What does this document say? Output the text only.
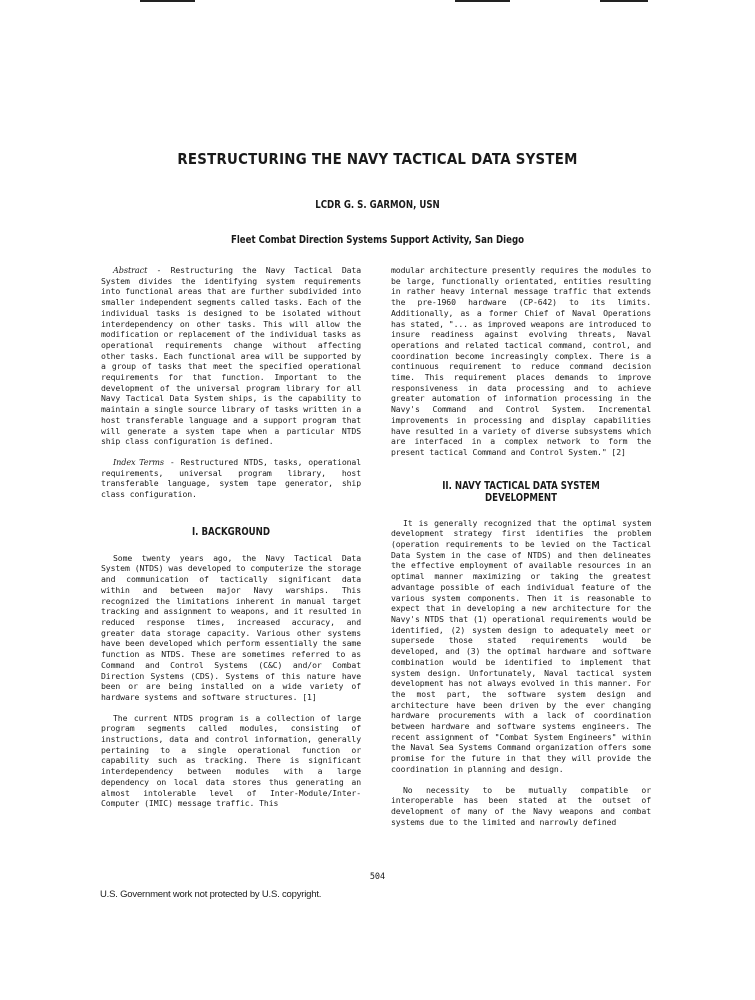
RESTRUCTURING THE NAVY TACTICAL DATA SYSTEM
LCDR G. S. GARMON, USN
Fleet Combat Direction Systems Support Activity, San Diego

Abstract - Restructuring the Navy Tactical Data System divides the identifying system requirements into functional areas that are further subdivided into smaller independent segments called tasks. Each of the individual tasks is designed to be isolated without interdependency on other tasks. This will allow the modification or replacement of the individual tasks as operational requirements change without affecting other tasks. Each functional area will be supported by a group of tasks that meet the specified operational requirements for that function. Important to the development of the universal program library for all Navy Tactical Data System ships, is the capability to maintain a single source library of tasks written in a host transferable language and a support program that will generate a system tape when a particular NTDS ship class configuration is defined.

Index Terms - Restructured NTDS, tasks, operational requirements, universal program library, host transferable language, system tape generator, ship class configuration.

I. BACKGROUND

Some twenty years ago, the Navy Tactical Data System (NTDS) was developed to computerize the storage and communication of tactically significant data within and between major Navy warships. This recognized the limitations inherent in manual target tracking and assignment to weapons, and it resulted in reduced response times, increased accuracy, and greater data storage capacity. Various other systems have been developed which perform essentially the same function as NTDS. These are sometimes referred to as Command and Control Systems (C&C) and/or Combat Direction Systems (CDS). Systems of this nature have been or are being installed on a wide variety of hardware systems and software structures. [1]

The current NTDS program is a collection of large program segments called modules, consisting of instructions, data and control information, generally pertaining to a single operational function or capability such as tracking. There is significant interdependency between modules with a large dependency on local data stores thus generating an almost intolerable level of Inter-Module/Inter-Computer (IMIC) message traffic. This

modular architecture presently requires the modules to be large, functionally orientated, entities resulting in rather heavy internal message traffic that extends the pre-1960 hardware (CP-642) to its limits. Additionally, as a former Chief of Naval Operations has stated, "... as improved weapons are introduced to insure readiness against evolving threats, Naval operations and related tactical command, control, and coordination become increasingly complex. There is a continuous requirement to reduce command decision time. This requirement places demands to improve responsiveness in data processing and to achieve greater automation of information processing in the Navy's Command and Control System. Incremental improvements in processing and display capabilities have resulted in a variety of diverse subsystems which are interfaced in a complex network to form the present tactical Command and Control System." [2]

II. NAVY TACTICAL DATA SYSTEM DEVELOPMENT

It is generally recognized that the optimal system development strategy first identifies the problem (operation requirements to be levied on the Tactical Data System in the case of NTDS) and then delineates the effective employment of available resources in an optimal manner maximizing or taking the greatest advantage possible of each individual feature of the various system components. Then it is reasonable to expect that in developing a new architecture for the Navy's NTDS that (1) operational requirements would be identified, (2) system design to adequately meet or supersede those stated requirements would be developed, and (3) the optimal hardware and software combination would be identified to implement that system design. Unfortunately, Naval tactical system development has not always evolved in this manner. For the most part, the software system design and architecture have been driven by the ever changing hardware procurements with a lack of coordination between hardware and software systems engineers. The recent assignment of "Combat System Engineers" within the Naval Sea Systems Command organization offers some promise for the future in that they will provide the coordination in planning and design.

No necessity to be mutually compatible or interoperable has been stated at the outset of development of many of the Navy weapons and combat systems due to the limited and narrowly defined

504
U.S. Government work not protected by U.S. copyright.
